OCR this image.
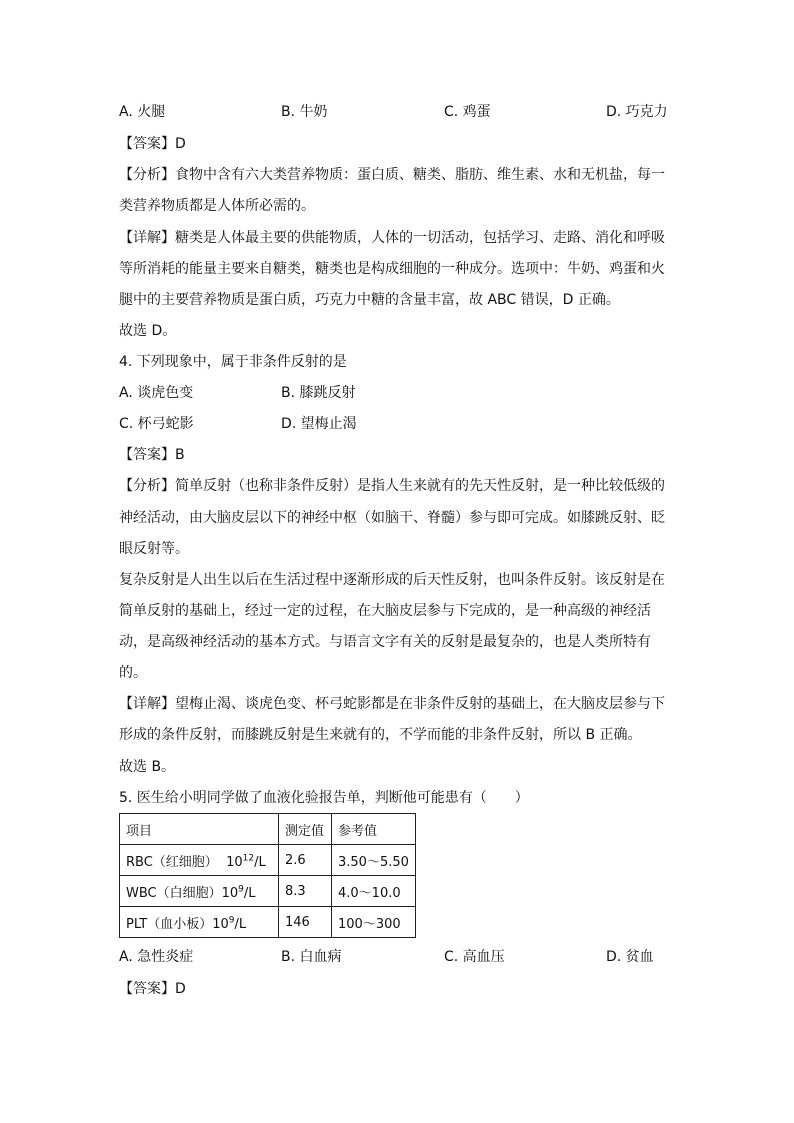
A. 火腿	B. 牛奶	C. 鸡蛋	D. 巧克力
【答案】D
【分析】食物中含有六大类营养物质：蛋白质、糖类、脂肪、维生素、水和无机盐，每一
类营养物质都是人体所必需的。
【详解】糖类是人体最主要的供能物质，人体的一切活动，包括学习、走路、消化和呼吸
等所消耗的能量主要来自糖类，糖类也是构成细胞的一种成分。选项中：牛奶、鸡蛋和火
腿中的主要营养物质是蛋白质，巧克力中糖的含量丰富，故 ABC 错误，D 正确。
故选 D。
4. 下列现象中，属于非条件反射的是
A. 谈虎色变	B. 膝跳反射
C. 杯弓蛇影	D. 望梅止渴
【答案】B
【分析】简单反射（也称非条件反射）是指人生来就有的先天性反射，是一种比较低级的
神经活动，由大脑皮层以下的神经中枢（如脑干、脊髓）参与即可完成。如膝跳反射、眨
眼反射等。
复杂反射是人出生以后在生活过程中逐渐形成的后天性反射，也叫条件反射。该反射是在
简单反射的基础上，经过一定的过程，在大脑皮层参与下完成的，是一种高级的神经活
动，是高级神经活动的基本方式。与语言文字有关的反射是最复杂的，也是人类所特有
的。
【详解】望梅止渴、谈虎色变、杯弓蛇影都是在非条件反射的基础上，在大脑皮层参与下
形成的条件反射，而膝跳反射是生来就有的，不学而能的非条件反射，所以 B 正确。
故选 B。
5. 医生给小明同学做了血液化验报告单，判断他可能患有（　　）
项目	测定值	参考值
RBC（红细胞） $10^{12}/L$	2.6	3.50～5.50
WBC（白细胞）$10^9/L$	8.3	4.0～10.0
PLT（血小板）$10^9/L$	146	100～300
A. 急性炎症	B. 白血病	C. 高血压	D. 贫血
【答案】D
